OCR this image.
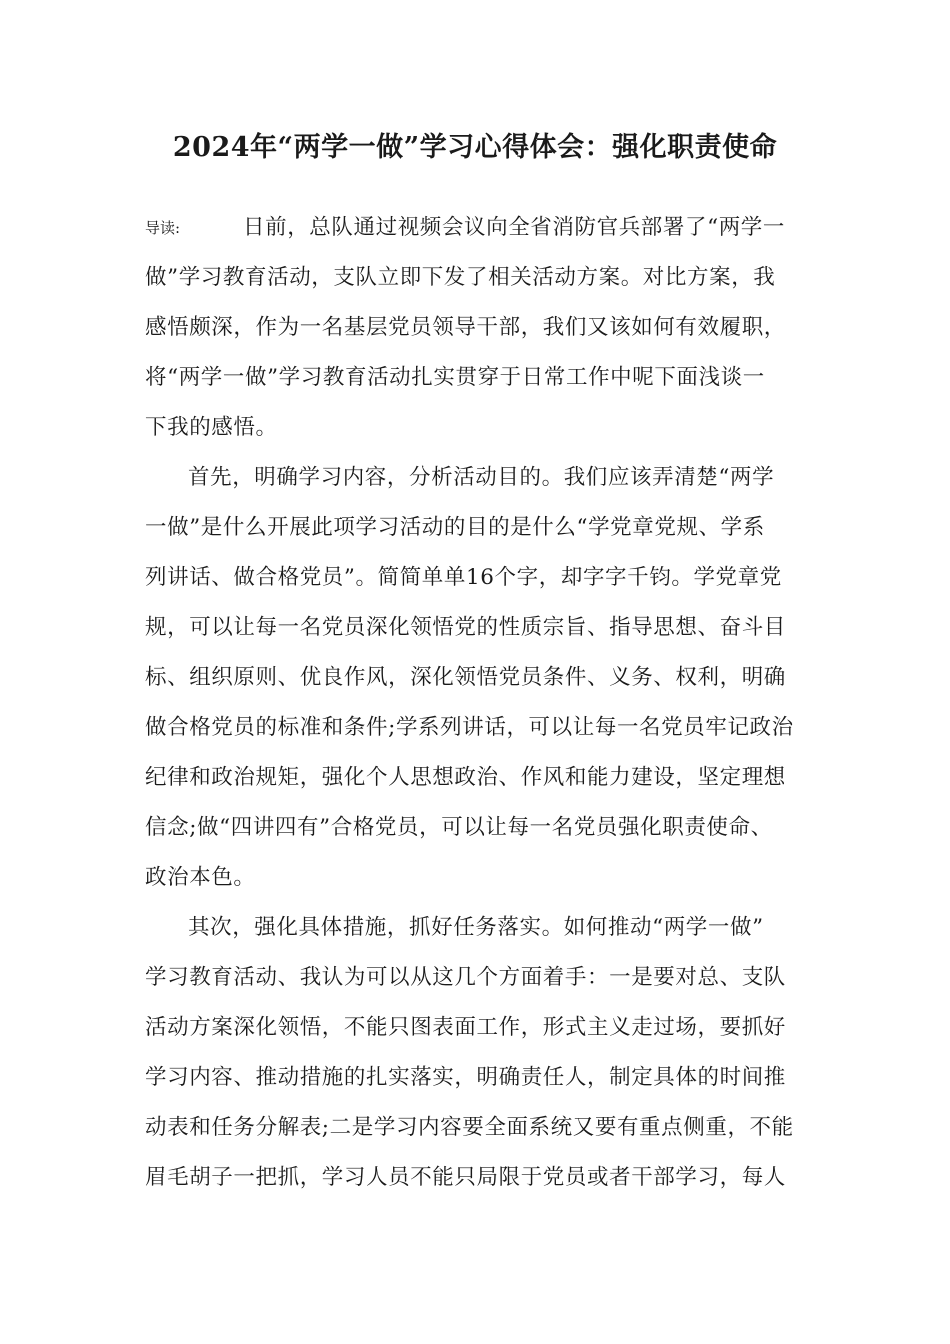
2024年“两学一做”学习心得体会：强化职责使命
导读:	日前，总队通过视频会议向全省消防官兵部署了“两学一
做”学习教育活动，支队立即下发了相关活动方案。对比方案，我
感悟颇深，作为一名基层党员领导干部，我们又该如何有效履职，
将“两学一做”学习教育活动扎实贯穿于日常工作中呢下面浅谈一
下我的感悟。
首先，明确学习内容，分析活动目的。我们应该弄清楚“两学
一做”是什么开展此项学习活动的目的是什么“学党章党规、学系
列讲话、做合格党员”。简简单单16个字，却字字千钧。学党章党
规，可以让每一名党员深化领悟党的性质宗旨、指导思想、奋斗目
标、组织原则、优良作风，深化领悟党员条件、义务、权利，明确
做合格党员的标准和条件;学系列讲话，可以让每一名党员牢记政治
纪律和政治规矩，强化个人思想政治、作风和能力建设，坚定理想
信念;做“四讲四有”合格党员，可以让每一名党员强化职责使命、
政治本色。
其次，强化具体措施，抓好任务落实。如何推动“两学一做”
学习教育活动、我认为可以从这几个方面着手：一是要对总、支队
活动方案深化领悟，不能只图表面工作，形式主义走过场，要抓好
学习内容、推动措施的扎实落实，明确责任人，制定具体的时间推
动表和任务分解表;二是学习内容要全面系统又要有重点侧重，不能
眉毛胡子一把抓，学习人员不能只局限于党员或者干部学习，每人
